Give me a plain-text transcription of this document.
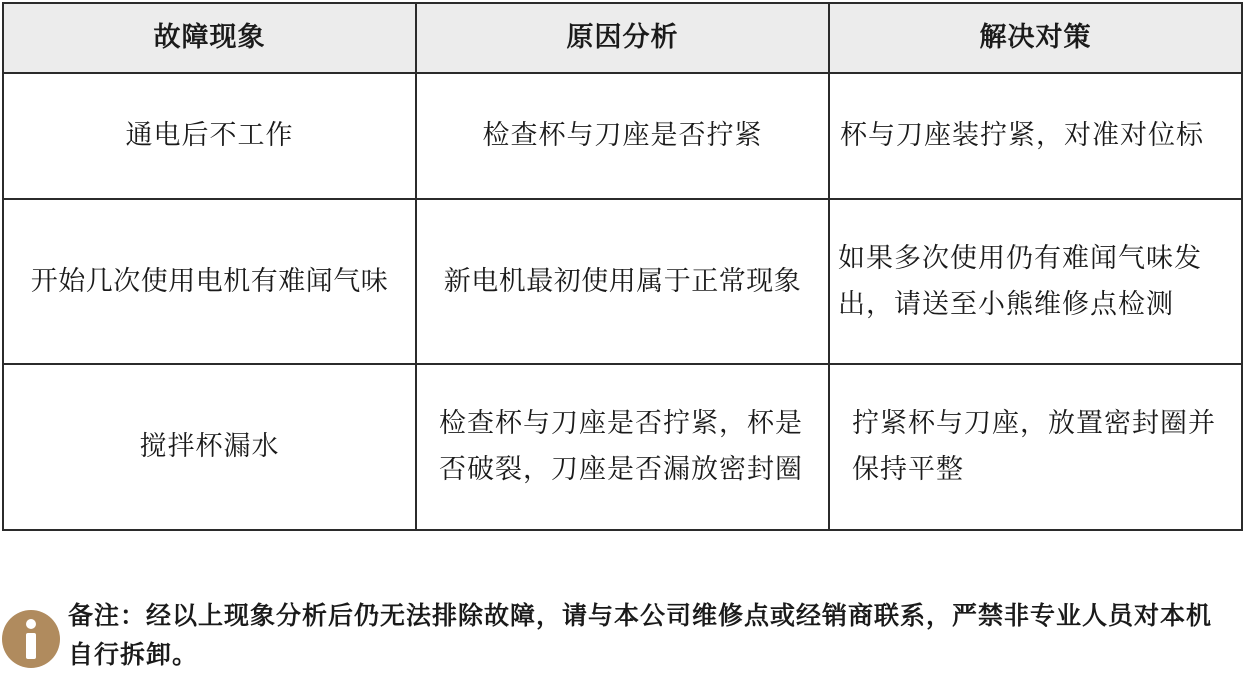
故障现象	原因分析	解决对策
通电后不工作	检查杯与刀座是否拧紧	杯与刀座装拧紧，对准对位标
开始几次使用电机有难闻气味	新电机最初使用属于正常现象	如果多次使用仍有难闻气味发出，请送至小熊维修点检测
搅拌杯漏水	检查杯与刀座是否拧紧，杯是否破裂，刀座是否漏放密封圈	拧紧杯与刀座，放置密封圈并保持平整
备注：经以上现象分析后仍无法排除故障，请与本公司维修点或经销商联系，严禁非专业人员对本机自行拆卸。
